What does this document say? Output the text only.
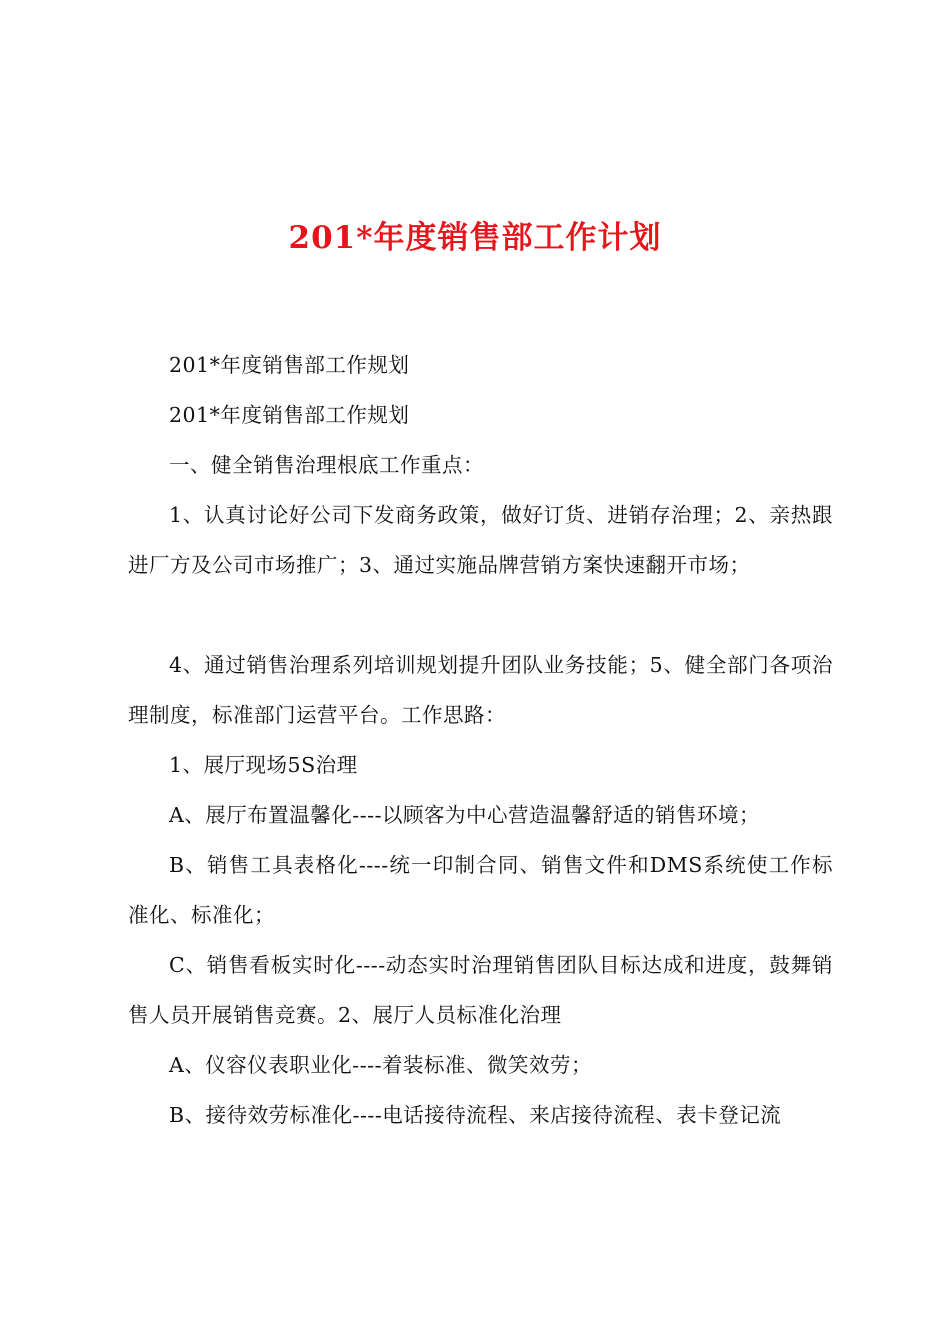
201*年度销售部工作计划

201*年度销售部工作规划

201*年度销售部工作规划

一、健全销售治理根底工作重点：

1、认真讨论好公司下发商务政策，做好订货、进销存治理；2、亲热跟进厂方及公司市场推广；3、通过实施品牌营销方案快速翻开市场；

4、通过销售治理系列培训规划提升团队业务技能；5、健全部门各项治理制度，标准部门运营平台。工作思路：

1、展厅现场5S治理

A、展厅布置温馨化----以顾客为中心营造温馨舒适的销售环境；

B、销售工具表格化----统一印制合同、销售文件和DMS系统使工作标准化、标准化；

C、销售看板实时化----动态实时治理销售团队目标达成和进度，鼓舞销售人员开展销售竞赛。2、展厅人员标准化治理

A、仪容仪表职业化----着装标准、微笑效劳；

B、接待效劳标准化----电话接待流程、来店接待流程、表卡登记流
